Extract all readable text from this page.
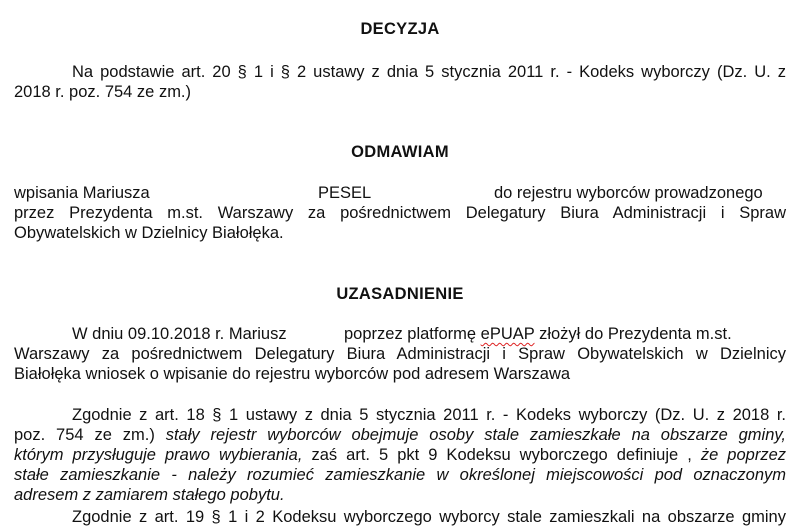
DECYZJA
Na podstawie art. 20 § 1 i § 2 ustawy z dnia 5 stycznia 2011 r. - Kodeks wyborczy (Dz. U. z
2018 r. poz. 754 ze zm.)
ODMAWIAM
wpisania Mariusza	PESEL	do rejestru wyborców prowadzonego
przez Prezydenta m.st. Warszawy za pośrednictwem Delegatury Biura Administracji i Spraw
Obywatelskich w Dzielnicy Białołęka.
UZASADNIENIE
W dniu 09.10.2018 r. Mariusz	poprzez platformę ePUAP złożył do Prezydenta m.st.
Warszawy za pośrednictwem Delegatury Biura Administracji i Spraw Obywatelskich w Dzielnicy
Białołęka wniosek o wpisanie do rejestru wyborców pod adresem Warszawa
Zgodnie z art. 18 § 1 ustawy z dnia 5 stycznia 2011 r. - Kodeks wyborczy (Dz. U. z 2018 r.
poz. 754 ze zm.) stały rejestr wyborców obejmuje osoby stale zamieszkałe na obszarze gminy,
którym przysługuje prawo wybierania, zaś art. 5 pkt 9 Kodeksu wyborczego definiuje , że poprzez
stałe zamieszkanie - należy rozumieć zamieszkanie w określonej miejscowości pod oznaczonym
adresem z zamiarem stałego pobytu.
Zgodnie z art. 19 § 1 i 2 Kodeksu wyborczego wyborcy stale zamieszkali na obszarze gminy
